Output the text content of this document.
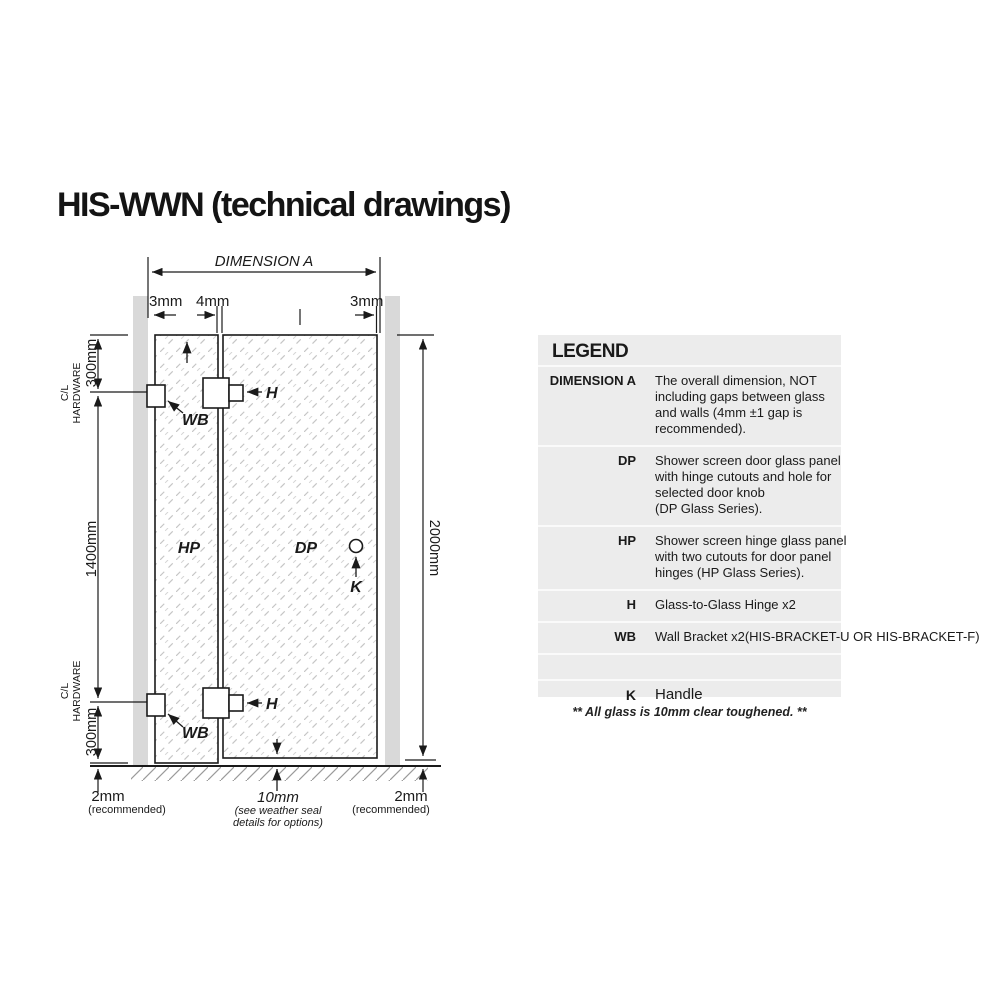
HIS-WWN (technical drawings)
DIMENSION A
3mm 4mm	3mm
300mm
1400mm
300mm
C/L HARDWARE
C/L HARDWARE
2000mm
H
H
WB
WB
HP	DP
K
2mm
(recommended)
10mm
(see weather seal
details for options)
2mm
(recommended)
LEGEND
DIMENSION A The overall dimension, NOT
including gaps between glass
and walls (4mm ±1 gap is
recommended).
DP Shower screen door glass panel
with hinge cutouts and hole for
selected door knob
(DP Glass Series).
HP Shower screen hinge glass panel
with two cutouts for door panel
hinges (HP Glass Series).
H Glass-to-Glass Hinge x2
WB Wall Bracket x2(HIS-BRACKET-U OR HIS-BRACKET-F)
K Handle
** All glass is 10mm clear toughened. **
